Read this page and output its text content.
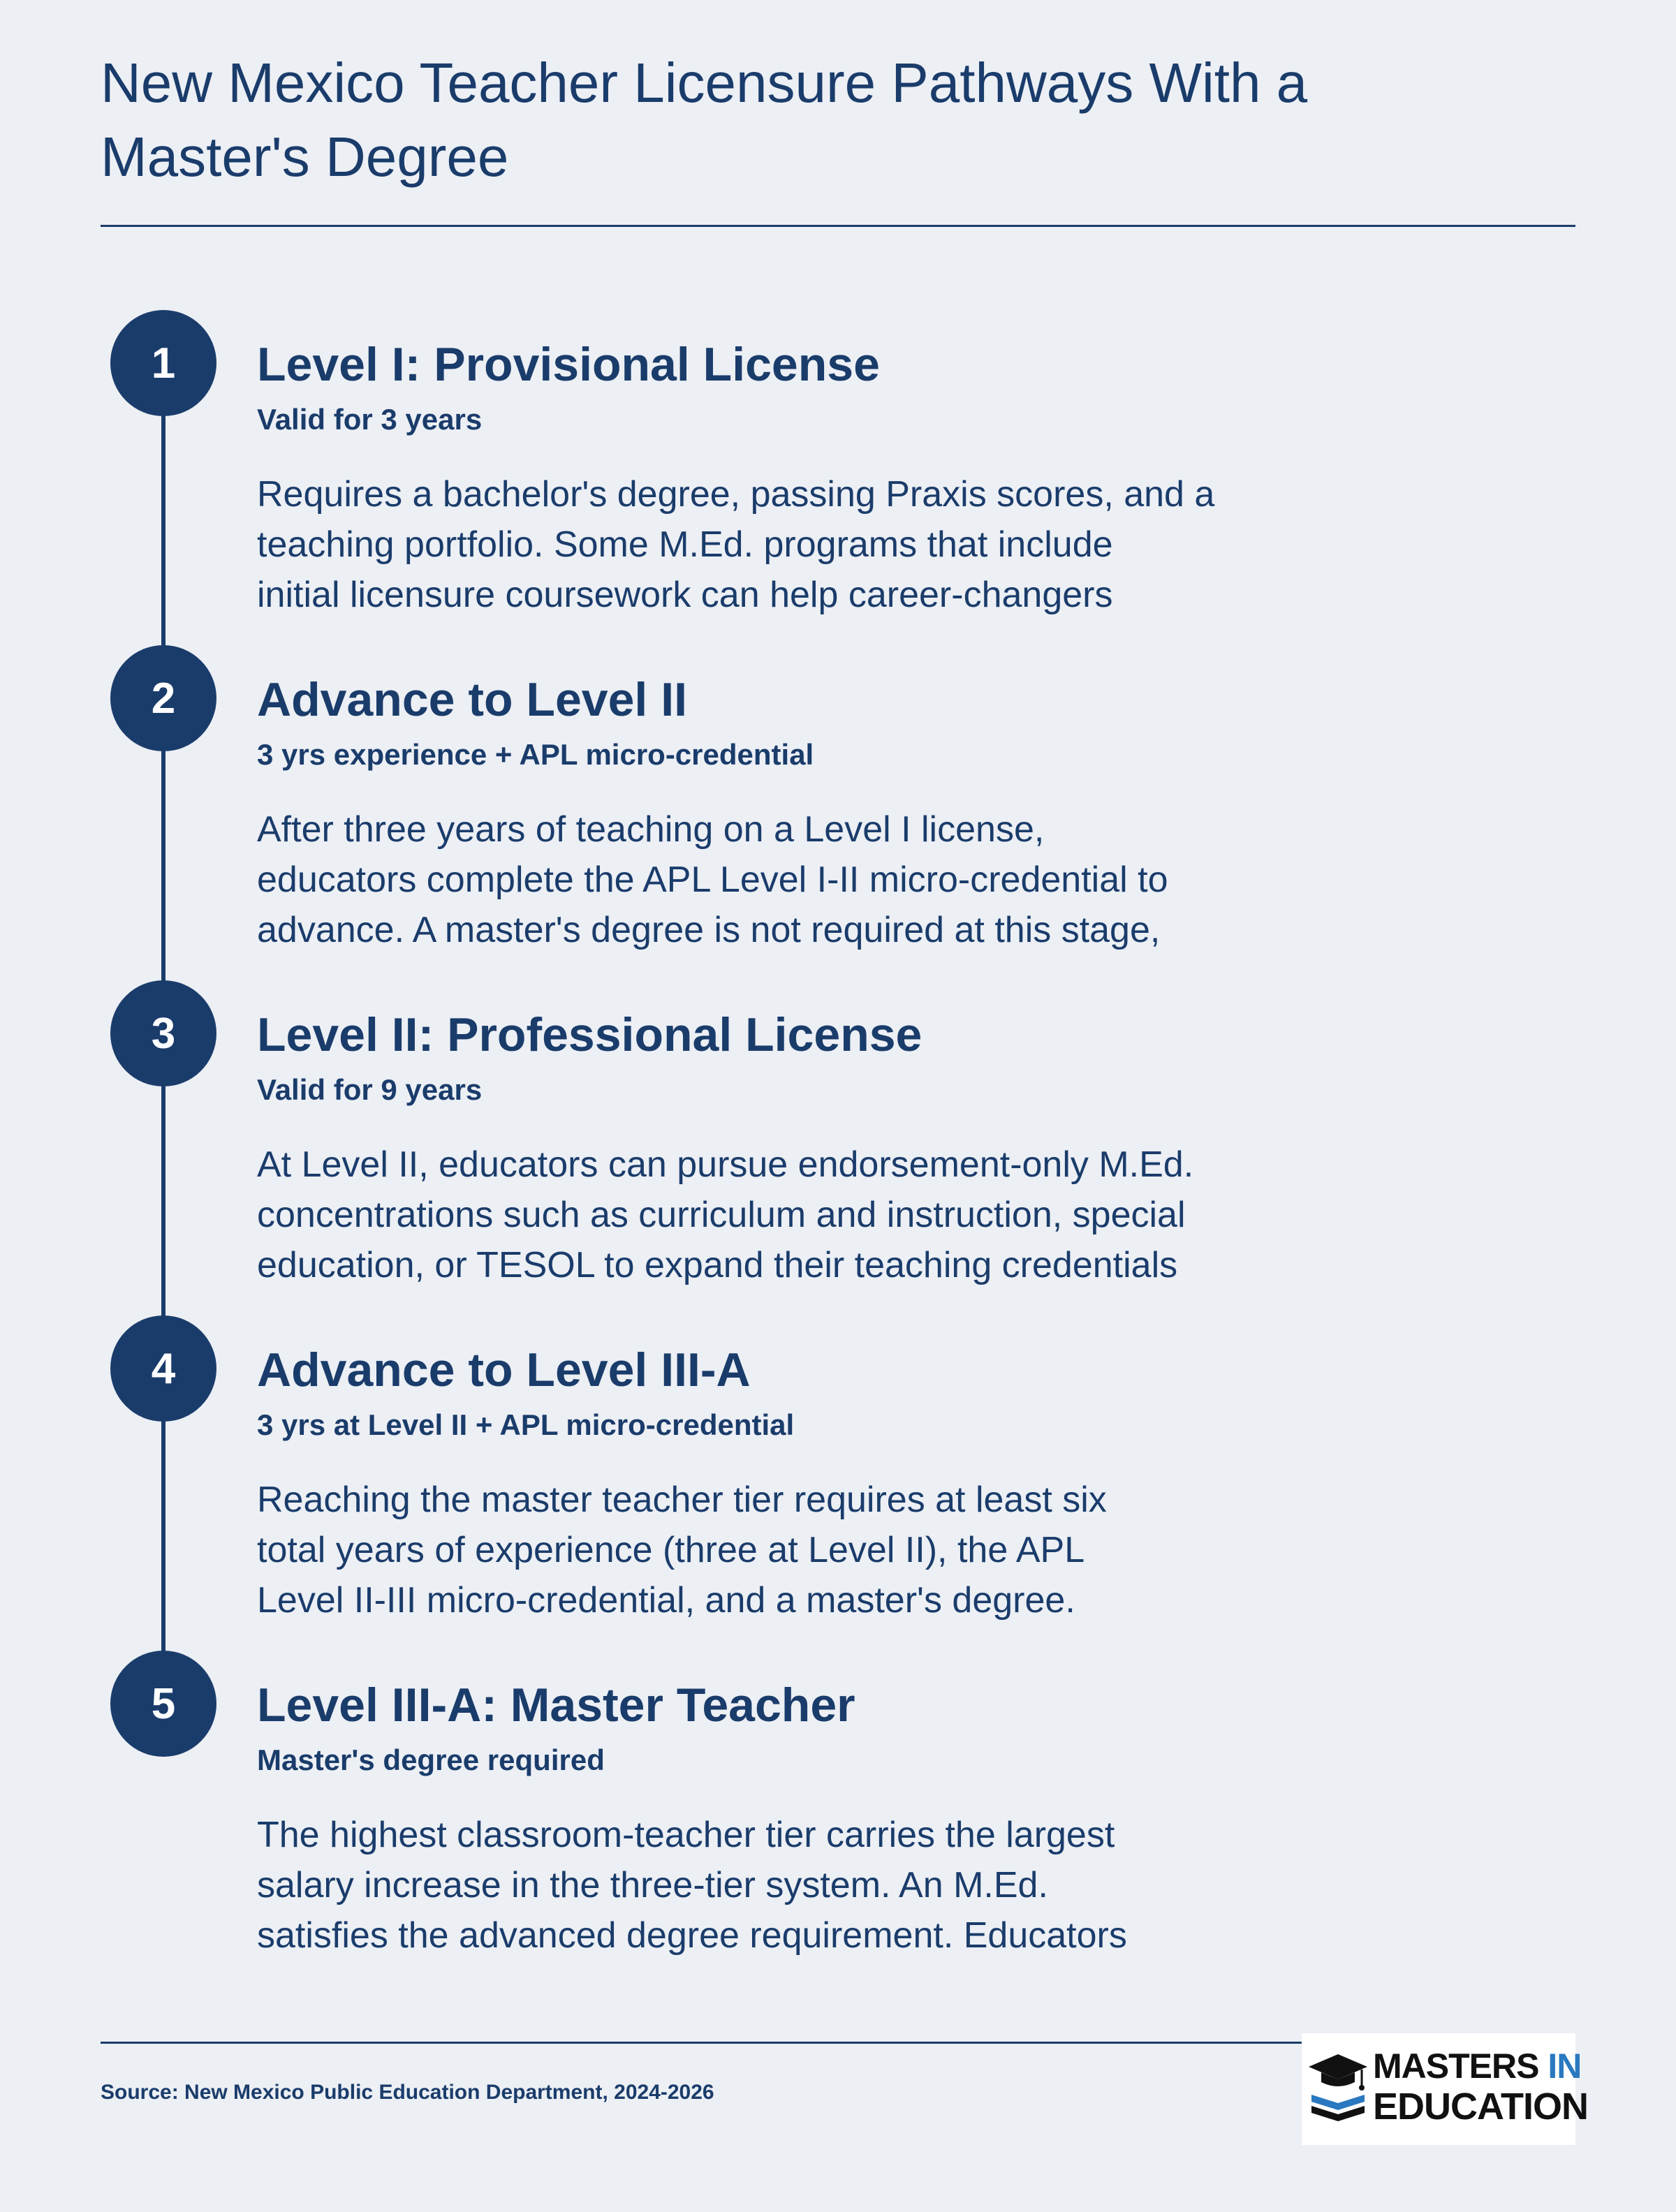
New Mexico Teacher Licensure Pathways With a Master's Degree
1	Level I: Provisional License
Valid for 3 years
Requires a bachelor's degree, passing Praxis scores, and a
teaching portfolio. Some M.Ed. programs that include
initial licensure coursework can help career-changers
2	Advance to Level II
3 yrs experience + APL micro-credential
After three years of teaching on a Level I license,
educators complete the APL Level I-II micro-credential to
advance. A master's degree is not required at this stage,
3	Level II: Professional License
Valid for 9 years
At Level II, educators can pursue endorsement-only M.Ed.
concentrations such as curriculum and instruction, special
education, or TESOL to expand their teaching credentials
4	Advance to Level III-A
3 yrs at Level II + APL micro-credential
Reaching the master teacher tier requires at least six
total years of experience (three at Level II), the APL
Level II-III micro-credential, and a master's degree.
5	Level III-A: Master Teacher
Master's degree required
The highest classroom-teacher tier carries the largest
salary increase in the three-tier system. An M.Ed.
satisfies the advanced degree requirement. Educators
Source: New Mexico Public Education Department, 2024-2026
MASTERS IN
EDUCATION
